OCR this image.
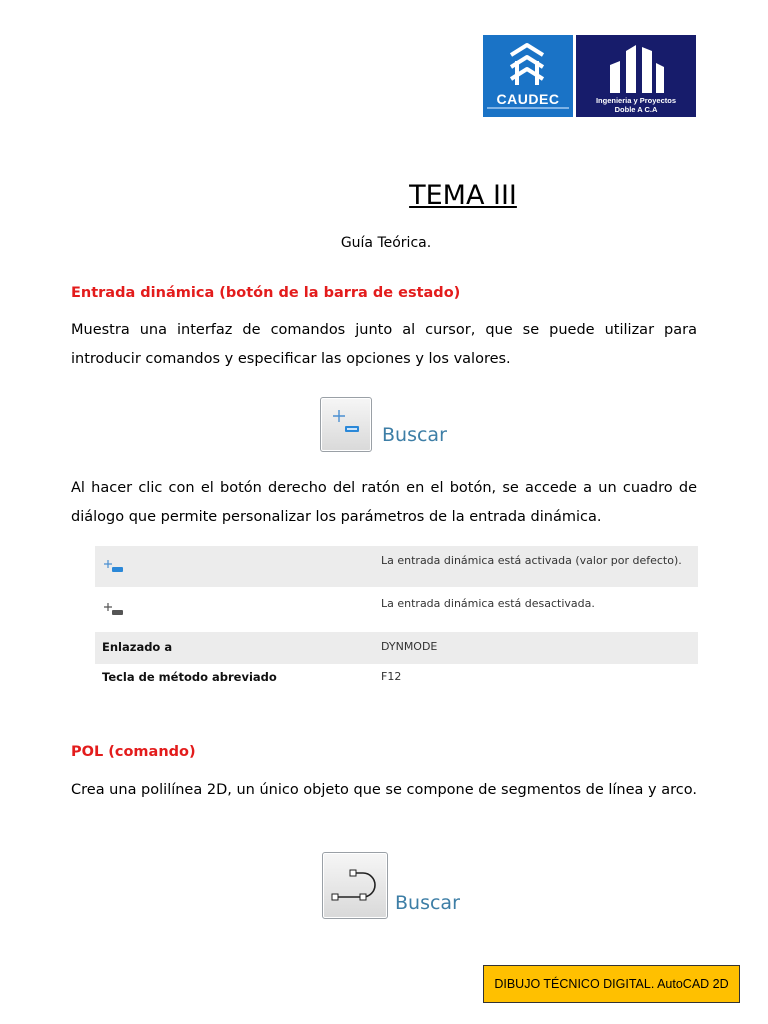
CAUDEC	Ingenieria y Proyectos
Doble A C.A
TEMA III
Guía Teórica.
Entrada dinámica (botón de la barra de estado)
Muestra una interfaz de comandos junto al cursor, que se puede utilizar para introducir comandos y especificar las opciones y los valores.
Buscar
Al hacer clic con el botón derecho del ratón en el botón, se accede a un cuadro de diálogo que permite personalizar los parámetros de la entrada dinámica.
La entrada dinámica está activada (valor por defecto).
La entrada dinámica está desactivada.
Enlazado a	DYNMODE
Tecla de método abreviado	F12
POL (comando)
Crea una polilínea 2D, un único objeto que se compone de segmentos de línea y arco.
Buscar
DIBUJO TÉCNICO DIGITAL. AutoCAD 2D
